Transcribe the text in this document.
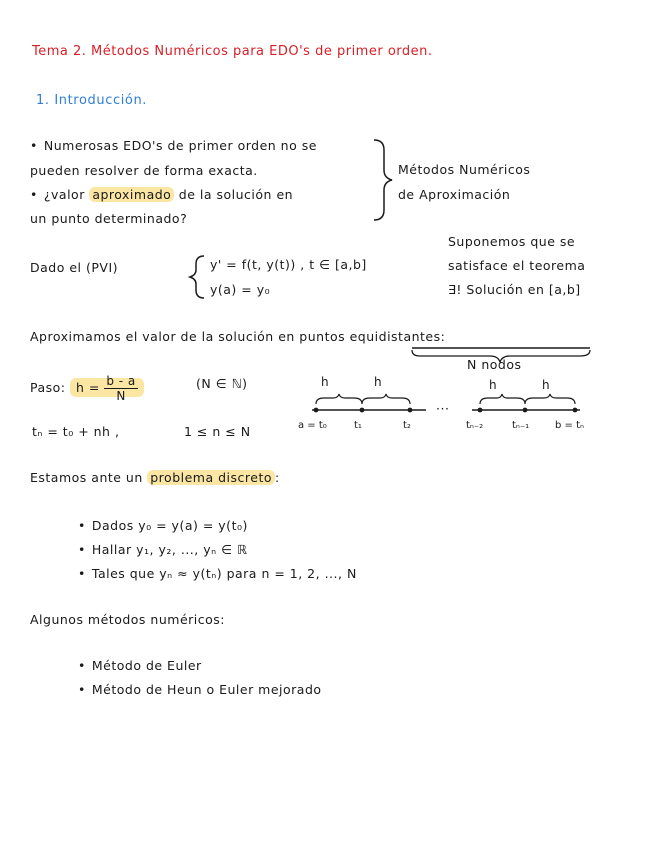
Tema 2. Métodos Numéricos para EDO's de primer orden.
1. Introducción.
• Numerosas EDO's de primer orden no se
pueden resolver de forma exacta.
• ¿valor aproximado de la solución en
un punto determinado?
Métodos Numéricos
de Aproximación
Dado el (PVI)	y' = f(t, y(t)) , t ∈ [a,b]
y(a) = y₀
Suponemos que se
satisface el teorema
∃! Solución en [a,b]
Aproximamos el valor de la solución en puntos equidistantes:
N nodos
Paso: $h = \frac{b - a}{N}$	(N ∈ ℕ)
tₙ = t₀ + nh ,	1 ≤ n ≤ N
h	h	h	h
···
a = t₀	t₁	t₂	tₙ₋₂	tₙ₋₁	b = tₙ
Estamos ante un problema discreto :
• Dados y₀ = y(a) = y(t₀)
• Hallar y₁, y₂, ..., yₙ ∈ ℝ
• Tales que yₙ ≈ y(tₙ) para n = 1, 2, ..., N
Algunos métodos numéricos:
• Método de Euler
• Método de Heun o Euler mejorado
